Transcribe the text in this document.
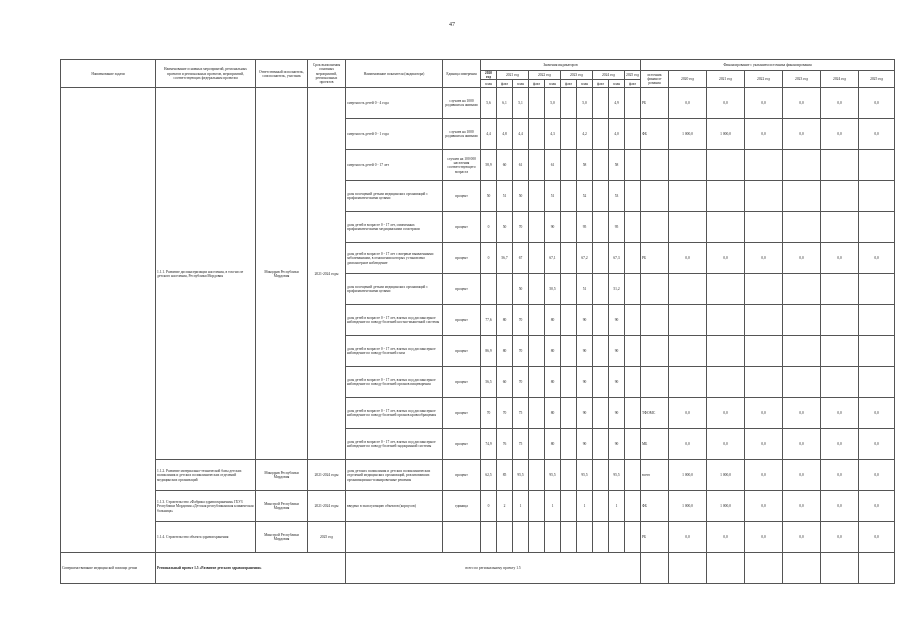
47
Наименование задачи	Наименование основных мероприятий, региональных проектов и региональных проектов, мероприятий, соответствующих федеральным проектам	Ответственный исполнитель, соисполнитель, участник	Срок выполнения основных мероприятий, региональных проектов	Наименование показателя (индикатора)	Единица измерения	Значения индикаторов										Финансирование с указанием источника финансирования						
						2020 год	2021 год		2022 год		2023 год		2024 год		2025 год	источник финанси-рования	2020 год	2021 год	2022 год	2023 год	2024 год	2025 год
						план	факт	план	факт	план	факт	план	факт	план	факт							
	1.1.1. Развитие диспансеризации населения, в том числе детского населения, Республики Мордовия	Минздрав Республики Мордовия	2021-2024 годы	смертность детей 0 - 4 года	случаев на 1000 родившихся живыми	5,6	6,1	5,1		5,0		5,0		4,9		РБ	0,0	0,0	0,0	0,0	0,0	0,0
				смертность детей 0 - 1 года	случаев на 1000 родившихся живыми	4,4	4,8	4,4		4,3		4,2		4,0		ФБ	1 000,0	1 000,0	0,0	0,0	0,0	0,0
				смертность детей 0 - 17 лет	случаев на 100 000 населения соответствующего возраста	58,9	60	61		61		58		58								
				доля посещений детьми медицинских организаций с профилактическими целями	процент	50	51	50		51		52		53								
				доля детей в возрасте 0 - 17 лет, охваченных профилактическими медицинскими осмотрами	процент	0	50	70		90		95		95								
				доля детей в возрасте 0 - 17 лет с впервые выявленными заболеваниями, в отношении которых установлено диспансерное наблюдение	процент	0	56,7	67		67,1		67,2		67,3		РБ	0,0	0,0	0,0	0,0	0,0	0,0
				доля посещений детьми медицинских организаций с профилактическими целями	процент			50		50,5		51		51,2								
				доля детей в возрасте 0 - 17 лет, взятых под диспансерное наблюдение по поводу болезней костно-мышечной системы	процент	77,6	80	70		80		90		90								
				доля детей в возрасте 0 - 17 лет, взятых под диспансерное наблюдение по поводу болезней глаза	процент	86,9	80	70		80		90		90								
				доля детей в возрасте 0 - 17 лет, взятых под диспансерное наблюдение по поводу болезней органов пищеварения	процент	56,5	60	70		80		90		90								
				доля детей в возрасте 0 - 17 лет, взятых под диспансерное наблюдение по поводу болезней органов кровообращения	процент	70	70	75		80		90		90		ТФОМС	0,0	0,0	0,0	0,0	0,0	0,0
				доля детей в возрасте 0 - 17 лет, взятых под диспансерное наблюдение по поводу болезней эндокринной системы	процент	74,9	76	75		80		90		90		МБ	0,0	0,0	0,0	0,0	0,0	0,0
	1.1.2. Развитие материально-технической базы детских поликлиник и детских поликлинических отделений медицинских организаций	Минздрав Республики Мордовия	2021-2024 годы	доля детских поликлиник и детских поликлинических отделений медицинских организаций, реализовавших организационно-планировочные решения	процент	62,5	85	95,5		95,5		95,5		95,5		всего	1 000,0	1 000,0	0,0	0,0	0,0	0,0
	1.1.3. Строительство «Фабрика здравоохранения» ГБУЗ Республики Мордовия «Детская республиканская клиническая больница»	Минстрой Республики Мордовия	2021-2024 годы	введено в эксплуатацию объектов (корпусов)	единица	0	2	1		1		1		1		ФБ	1 000,0	1 000,0	0,0	0,0	0,0	0,0
	1.1.4. Строительство объекта здравоохранения	Минстрой Республики Мордовия	2025 год													РБ	0,0	0,0	0,0	0,0	0,0	0,0
Совершенствование медицинской помощи детям	Региональный проект 1.5 «Развитие детского здравоохранения»			всего по региональному проекту 1.5																		
